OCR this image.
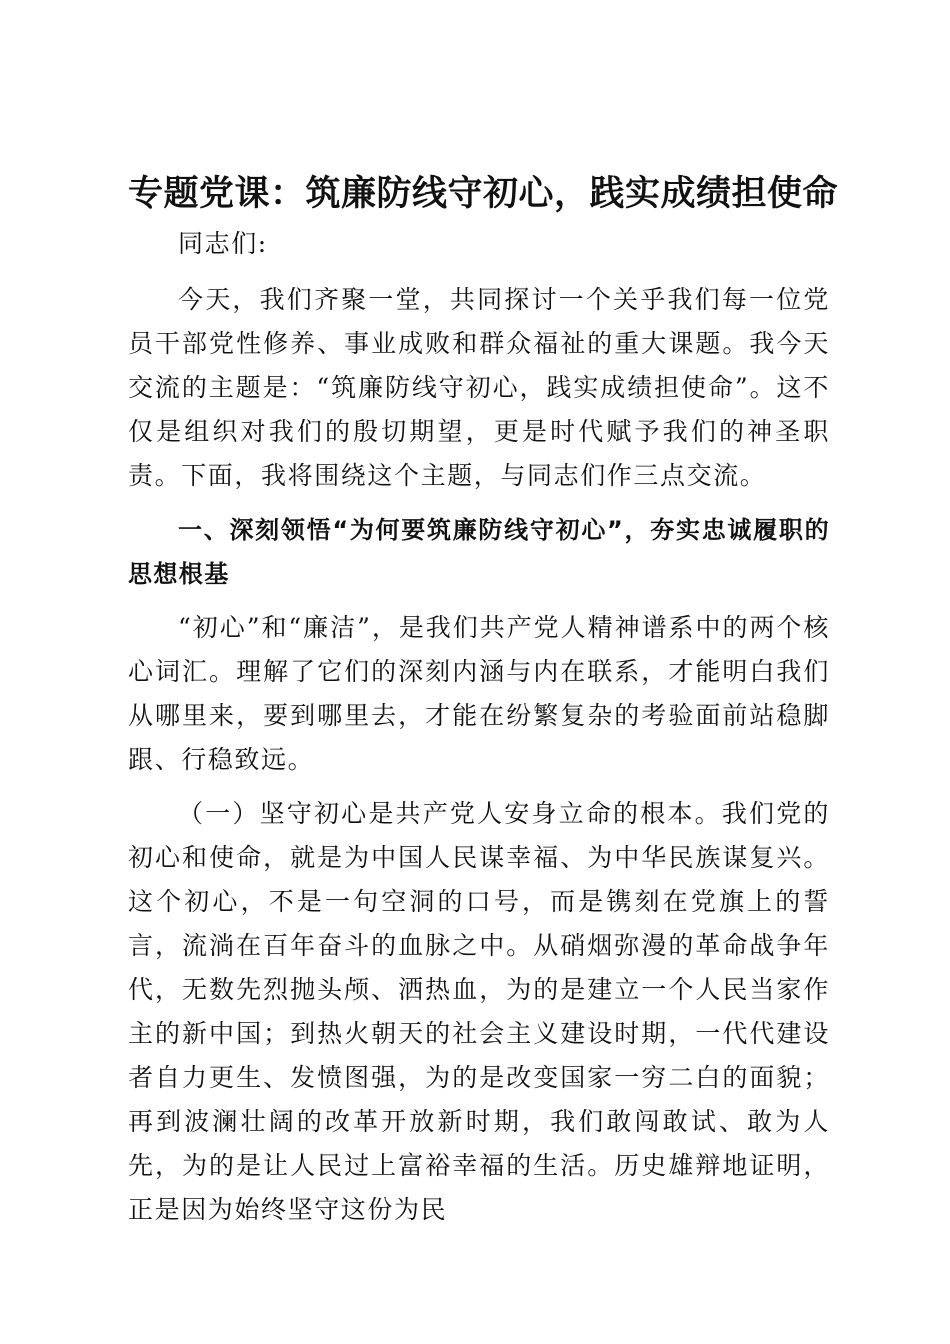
专题党课：筑廉防线守初心，践实成绩担使命

同志们:

今天，我们齐聚一堂，共同探讨一个关乎我们每一位党员干部党性修养、事业成败和群众福祉的重大课题。我今天交流的主题是：“筑廉防线守初心，践实成绩担使命”。这不仅是组织对我们的殷切期望，更是时代赋予我们的神圣职责。下面，我将围绕这个主题，与同志们作三点交流。

一、深刻领悟“为何要筑廉防线守初心”，夯实忠诚履职的思想根基

“初心”和“廉洁”，是我们共产党人精神谱系中的两个核心词汇。理解了它们的深刻内涵与内在联系，才能明白我们从哪里来，要到哪里去，才能在纷繁复杂的考验面前站稳脚跟、行稳致远。

（一）坚守初心是共产党人安身立命的根本。我们党的初心和使命，就是为中国人民谋幸福、为中华民族谋复兴。这个初心，不是一句空洞的口号，而是镌刻在党旗上的誓言，流淌在百年奋斗的血脉之中。从硝烟弥漫的革命战争年代，无数先烈抛头颅、洒热血，为的是建立一个人民当家作主的新中国；到热火朝天的社会主义建设时期，一代代建设者自力更生、发愤图强，为的是改变国家一穷二白的面貌；再到波澜壮阔的改革开放新时期，我们敢闯敢试、敢为人先，为的是让人民过上富裕幸福的生活。历史雄辩地证明，正是因为始终坚守这份为民
